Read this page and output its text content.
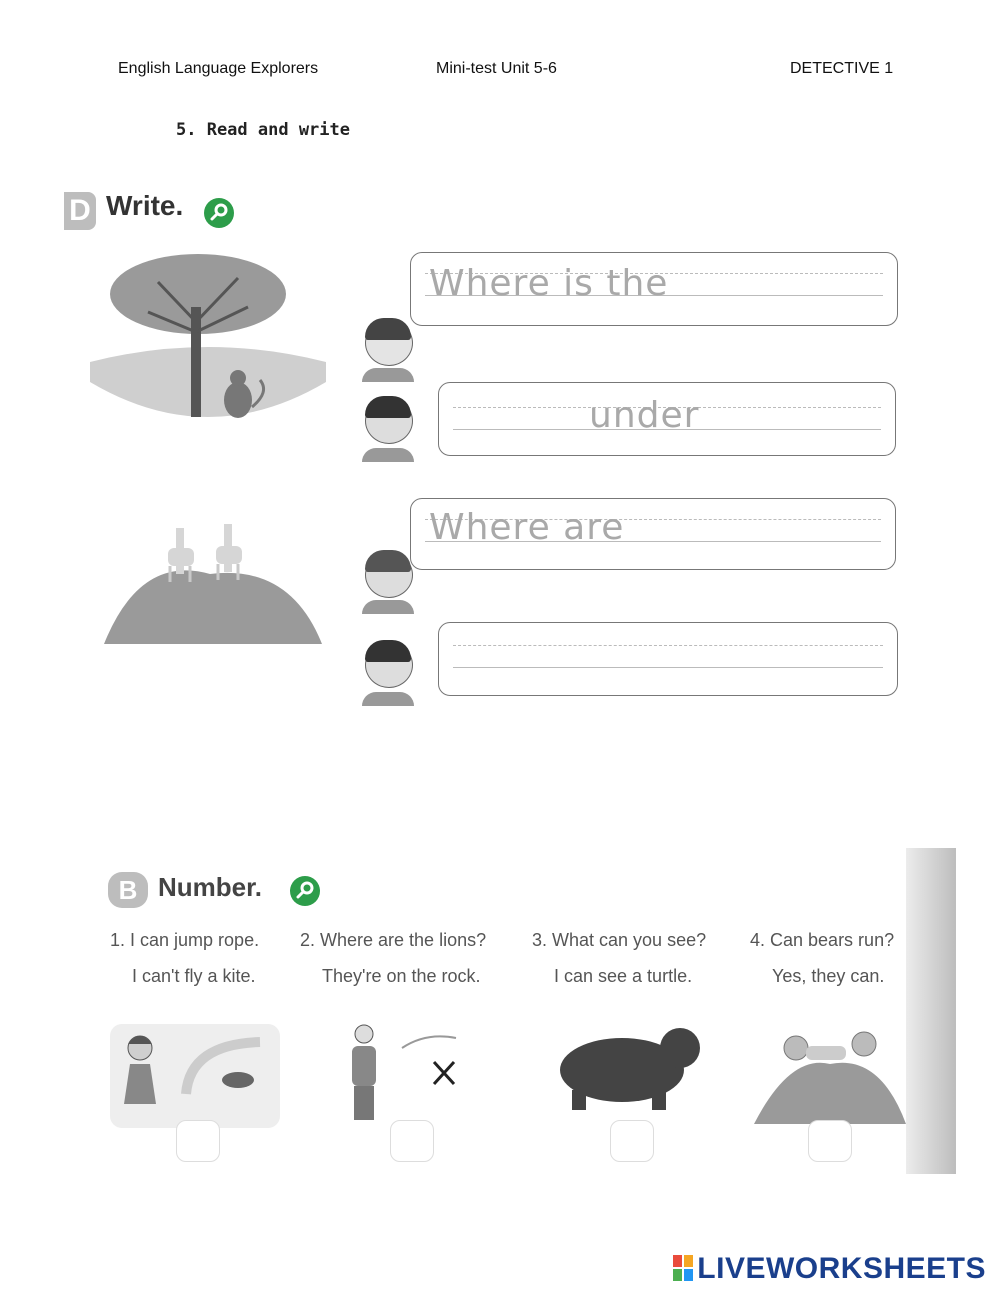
English Language Explorers	Mini-test Unit 5-6	DETECTIVE 1
5. Read and write
D Write.
Where is the
under
Where are
B Number.
1. I can jump rope.
I can't fly a kite.
2. Where are the lions?
They're on the rock.
3. What can you see?
I can see a turtle.
4. Can bears run?
Yes, they can.
LIVEWORKSHEETS
